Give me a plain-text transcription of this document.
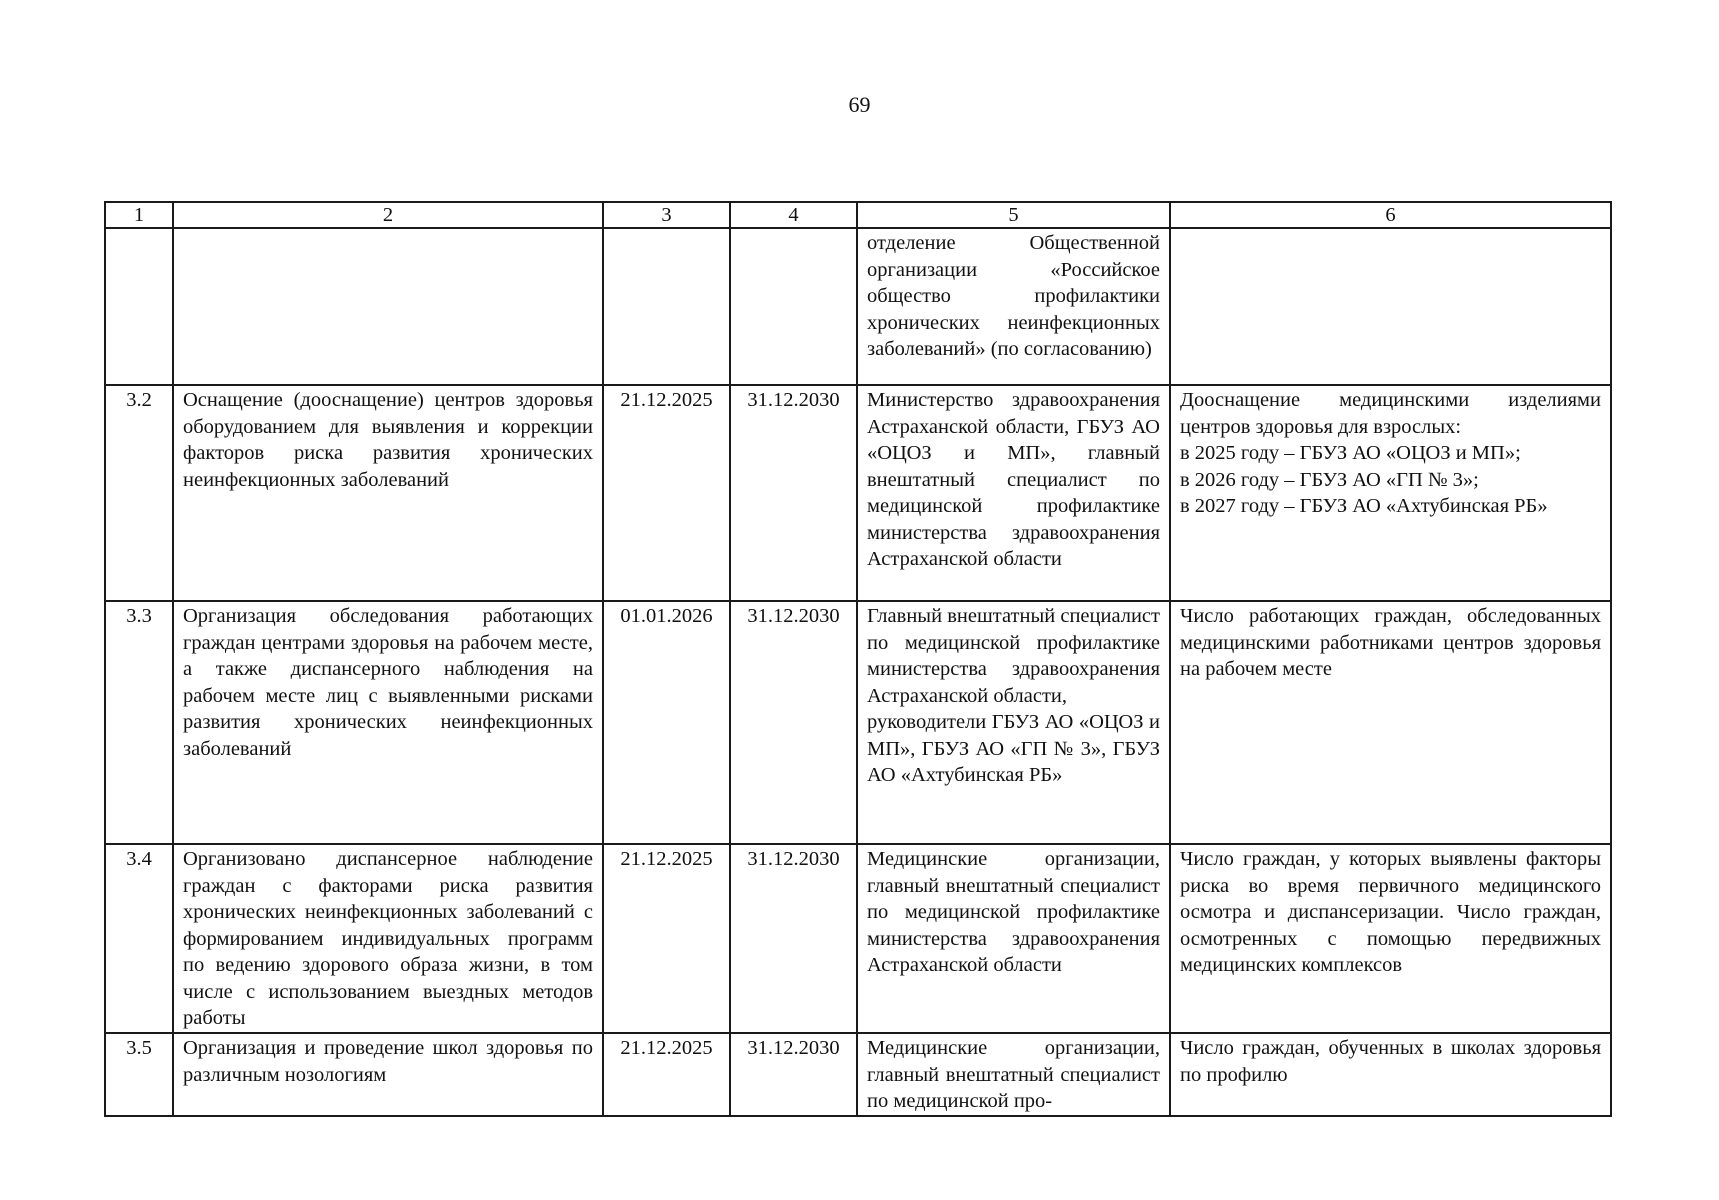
69
1	2	3	4	5	6
				отделение Общественной организации «Российское общество профилактики хронических неинфекционных заболеваний» (по согласованию)	
3.2	Оснащение (дооснащение) центров здоровья оборудованием для выявления и коррекции факторов риска развития хронических неинфекционных заболеваний	21.12.2025	31.12.2030	Министерство здравоохранения Астраханской области, ГБУЗ АО «ОЦОЗ и МП», главный внештатный специалист по медицинской профилактике министерства здравоохранения Астраханской области	Дооснащение медицинскими изделиями центров здоровья для взрослых:
в 2025 году – ГБУЗ АО «ОЦОЗ и МП»;
в 2026 году – ГБУЗ АО «ГП № 3»;
в 2027 году – ГБУЗ АО «Ахтубинская РБ»
3.3	Организация обследования работающих граждан центрами здоровья на рабочем месте, а также диспансерного наблюдения на рабочем месте лиц с выявленными рисками развития хронических неинфекционных заболеваний	01.01.2026	31.12.2030	Главный внештатный специалист по медицинской профилактике министерства здравоохранения Астраханской области,
руководители ГБУЗ АО «ОЦОЗ и МП», ГБУЗ АО «ГП № 3», ГБУЗ АО «Ахтубинская РБ»	Число работающих граждан, обследованных медицинскими работниками центров здоровья на рабочем месте
3.4	Организовано диспансерное наблюдение граждан с факторами риска развития хронических неинфекционных заболеваний с формированием индивидуальных программ по ведению здорового образа жизни, в том числе с использованием выездных методов работы	21.12.2025	31.12.2030	Медицинские организации, главный внештатный специалист по медицинской профилактике министерства здравоохранения Астраханской области	Число граждан, у которых выявлены факторы риска во время первичного медицинского осмотра и диспансеризации. Число граждан, осмотренных с помощью передвижных медицинских комплексов
3.5	Организация и проведение школ здоровья по различным нозологиям	21.12.2025	31.12.2030	Медицинские организации, главный внештатный специалист по медицинской про-	Число граждан, обученных в школах здоровья по профилю
